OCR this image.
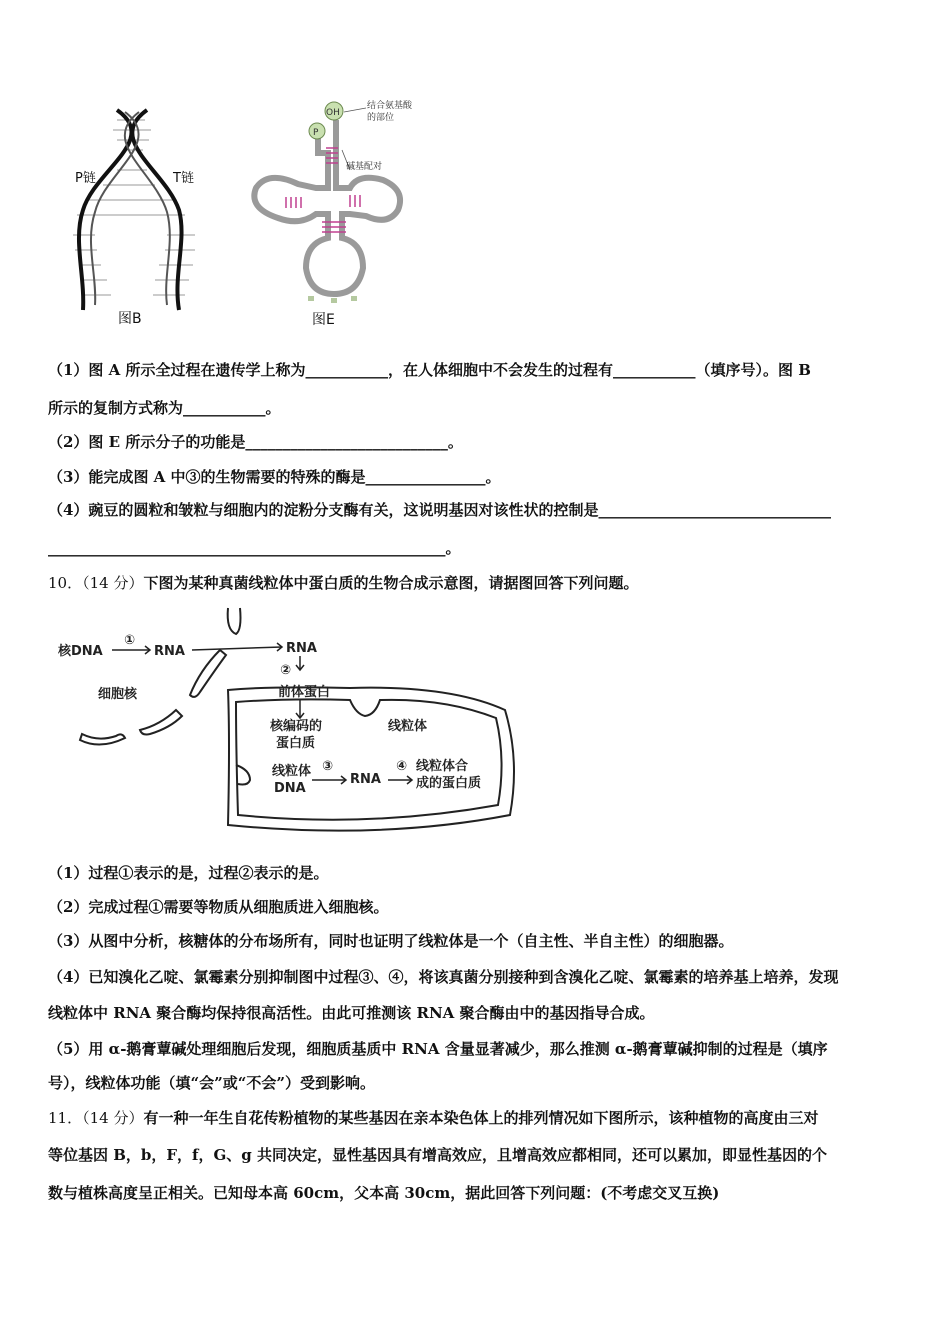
P链	T链
图B
OH
P
结合氨基酸
的部位
碱基配对
图E
（1）图 A 所示全过程在遗传学上称为___________，在人体细胞中不会发生的过程有___________（填序号）。图 B
所示的复制方式称为___________。
（2）图 E 所示分子的功能是___________________________。
（3）能完成图 A 中③的生物需要的特殊的酶是________________。
（4）豌豆的圆粒和皱粒与细胞内的淀粉分支酶有关，这说明基因对该性状的控制是_______________________________
_____________________________________________________。
10．（14 分）下图为某种真菌线粒体中蛋白质的生物合成示意图，请据图回答下列问题。
核DNA
①
RNA	RNA
②
前体蛋白
细胞核
核编码的
蛋白质
线粒体
线粒体
DNA
③
RNA
④ 线粒体合
成的蛋白质
（1）过程①表示的是，过程②表示的是。
（2）完成过程①需要等物质从细胞质进入细胞核。
（3）从图中分析，核糖体的分布场所有，同时也证明了线粒体是一个（自主性、半自主性）的细胞器。
（4）已知溴化乙啶、氯霉素分别抑制图中过程③、④，将该真菌分别接种到含溴化乙啶、氯霉素的培养基上培养，发现
线粒体中 RNA 聚合酶均保持很高活性。由此可推测该 RNA 聚合酶由中的基因指导合成。
（5）用 α-鹅膏蕈碱处理细胞后发现，细胞质基质中 RNA 含量显著减少，那么推测 α-鹅膏蕈碱抑制的过程是（填序
号），线粒体功能（填“会”或“不会”）受到影响。
11．（14 分）有一种一年生自花传粉植物的某些基因在亲本染色体上的排列情况如下图所示，该种植物的高度由三对
等位基因 B，b，F，f，G、g 共同决定，显性基因具有增高效应，且增高效应都相同，还可以累加，即显性基因的个
数与植株高度呈正相关。已知母本高 60cm，父本高 30cm，据此回答下列问题：(不考虑交叉互换)
